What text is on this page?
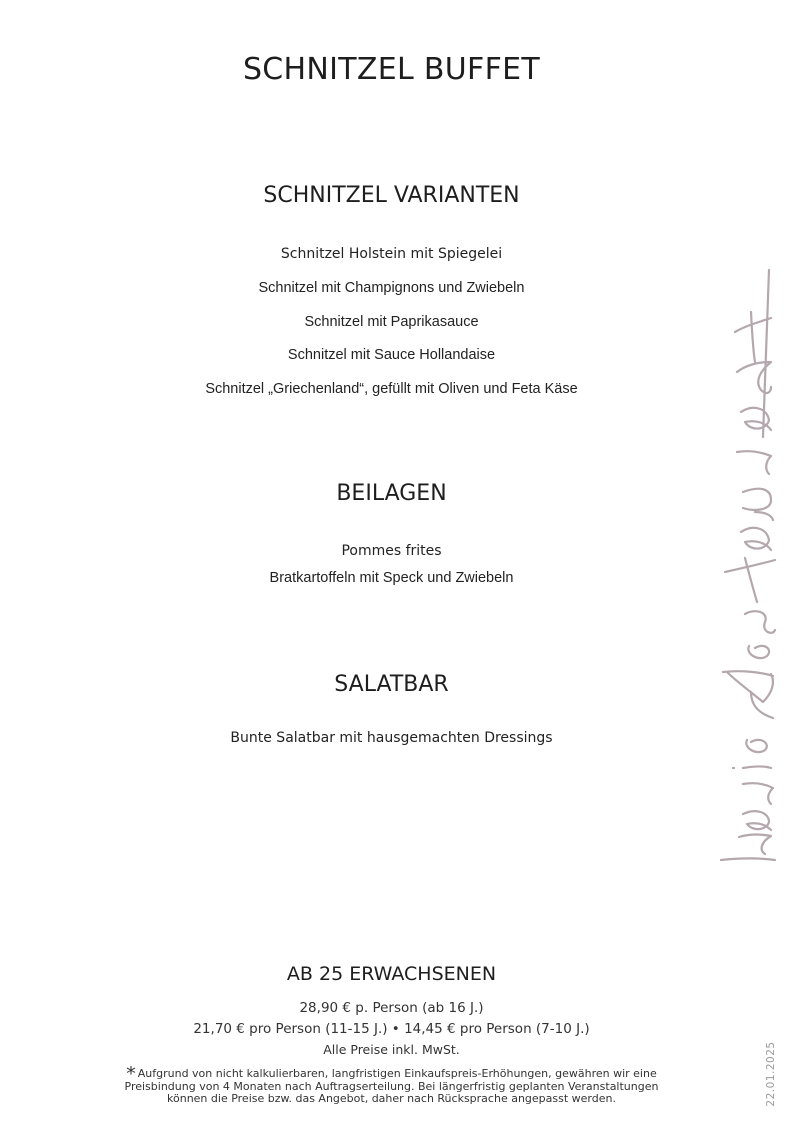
SCHNITZEL BUFFET
SCHNITZEL VARIANTEN
Schnitzel Holstein mit Spiegelei
Schnitzel mit Champignons und Zwiebeln
Schnitzel mit Paprikasauce
Schnitzel mit Sauce Hollandaise
Schnitzel „Griechenland“, gefüllt mit Oliven und Feta Käse
BEILAGEN
Pommes frites
Bratkartoffeln mit Speck und Zwiebeln
SALATBAR
Bunte Salatbar mit hausgemachten Dressings
AB 25 ERWACHSENEN
28,90 € p. Person (ab 16 J.)
21,70 € pro Person (11-15 J.) • 14,45 € pro Person (7-10 J.)
Alle Preise inkl. MwSt.
* Aufgrund von nicht kalkulierbaren, langfristigen Einkaufspreis-Erhöhungen, gewähren wir eine Preisbindung von 4 Monaten nach Auftragserteilung. Bei längerfristig geplanten Veranstaltungen können die Preise bzw. das Angebot, daher nach Rücksprache angepasst werden.	22.01.2025
